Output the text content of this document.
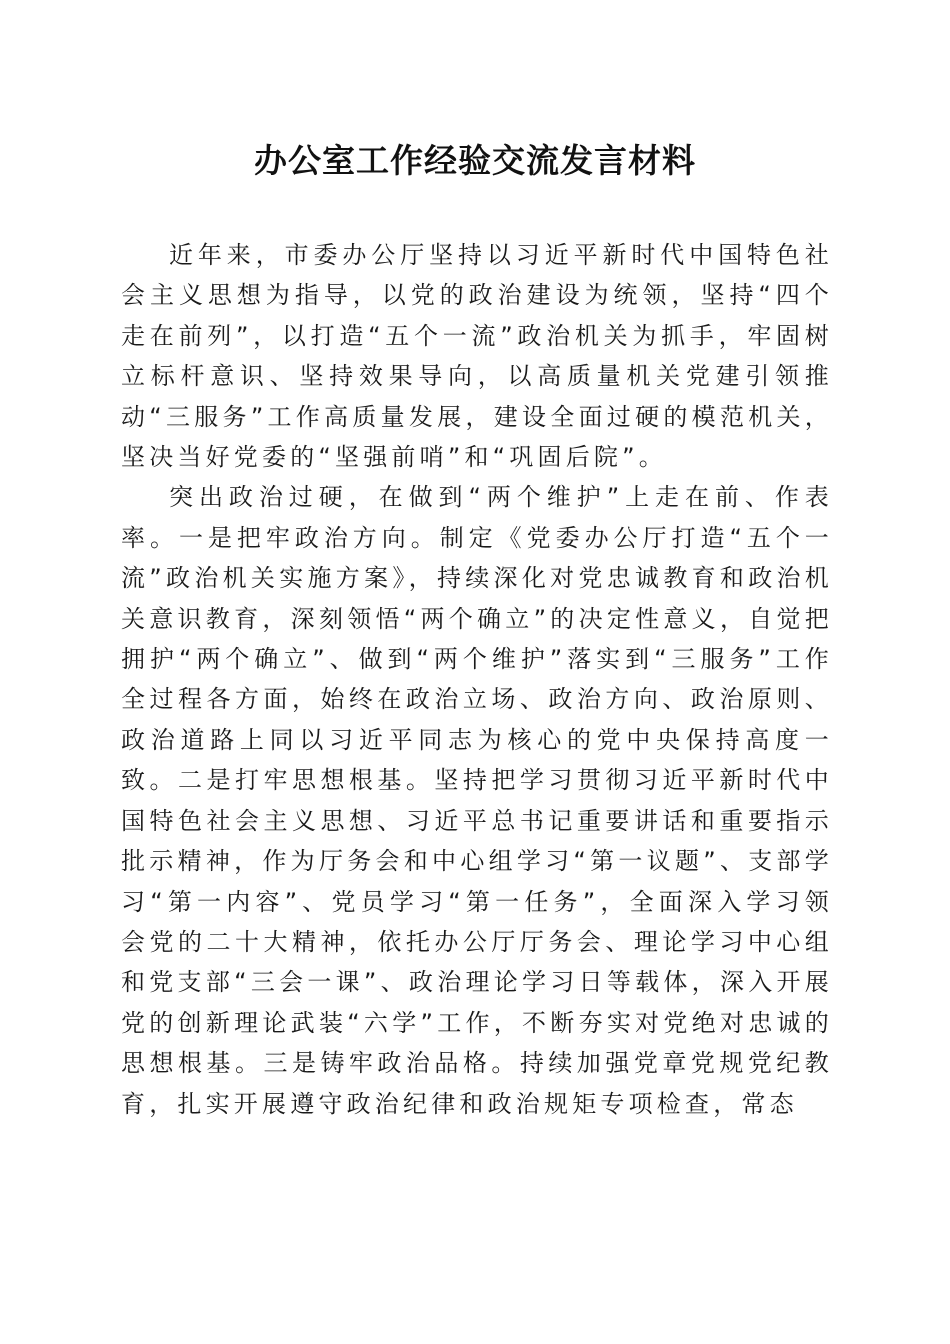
办公室工作经验交流发言材料

近年来，市委办公厅坚持以习近平新时代中国特色社会主义思想为指导，以党的政治建设为统领，坚持“四个走在前列”，以打造“五个一流”政治机关为抓手，牢固树立标杆意识、坚持效果导向，以高质量机关党建引领推动“三服务”工作高质量发展，建设全面过硬的模范机关，坚决当好党委的“坚强前哨”和“巩固后院”。

突出政治过硬，在做到“两个维护”上走在前、作表率。一是把牢政治方向。制定《党委办公厅打造“五个一流”政治机关实施方案》，持续深化对党忠诚教育和政治机关意识教育，深刻领悟“两个确立”的决定性意义，自觉把拥护“两个确立”、做到“两个维护”落实到“三服务”工作全过程各方面，始终在政治立场、政治方向、政治原则、政治道路上同以习近平同志为核心的党中央保持高度一致。二是打牢思想根基。坚持把学习贯彻习近平新时代中国特色社会主义思想、习近平总书记重要讲话和重要指示批示精神，作为厅务会和中心组学习“第一议题”、支部学习“第一内容”、党员学习“第一任务”，全面深入学习领会党的二十大精神，依托办公厅厅务会、理论学习中心组和党支部“三会一课”、政治理论学习日等载体，深入开展党的创新理论武装“六学”工作，不断夯实对党绝对忠诚的思想根基。三是铸牢政治品格。持续加强党章党规党纪教育，扎实开展遵守政治纪律和政治规矩专项检查，常态
